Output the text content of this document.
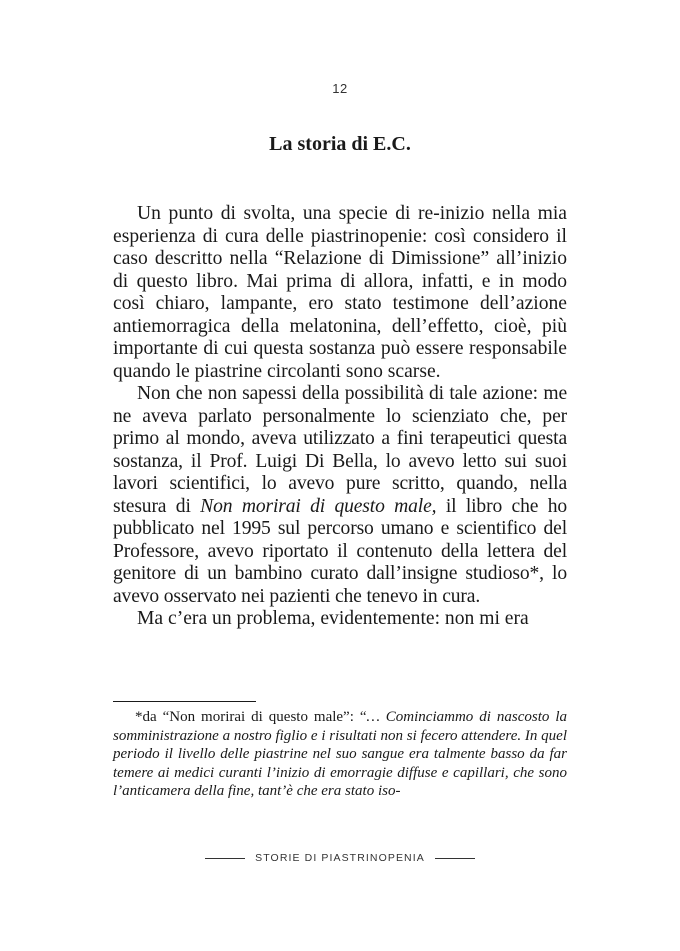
12
La storia di E.C.

Un punto di svolta, una specie di re-inizio nella mia esperienza di cura delle piastrinopenie: così considero il caso descritto nella “Relazione di Dimissione” all’inizio di questo libro. Mai prima di allora, infatti, e in modo così chiaro, lampante, ero stato testimone dell’azione antiemorragica della melatonina, dell’effetto, cioè, più importante di cui questa sostanza può essere responsabile quando le piastrine circolanti sono scarse.

Non che non sapessi della possibilità di tale azione: me ne aveva parlato personalmente lo scienziato che, per primo al mondo, aveva utilizzato a fini terapeutici questa sostanza, il Prof. Luigi Di Bella, lo avevo letto sui suoi lavori scientifici, lo avevo pure scritto, quando, nella stesura di Non morirai di questo male, il libro che ho pubblicato nel 1995 sul percorso umano e scientifico del Professore, avevo riportato il contenuto della lettera del genitore di un bambino curato dall’insigne studioso*, lo avevo osservato nei pazienti che tenevo in cura.

Ma c’era un problema, evidentemente: non mi era

*da “Non morirai di questo male”: “… Cominciammo di nascosto la somministrazione a nostro figlio e i risultati non si fecero attendere. In quel periodo il livello delle piastrine nel suo sangue era talmente basso da far temere ai medici curanti l’inizio di emorragie diffuse e capillari, che sono l’anticamera della fine, tant’è che era stato iso-

STORIE DI PIASTRINOPENIA
